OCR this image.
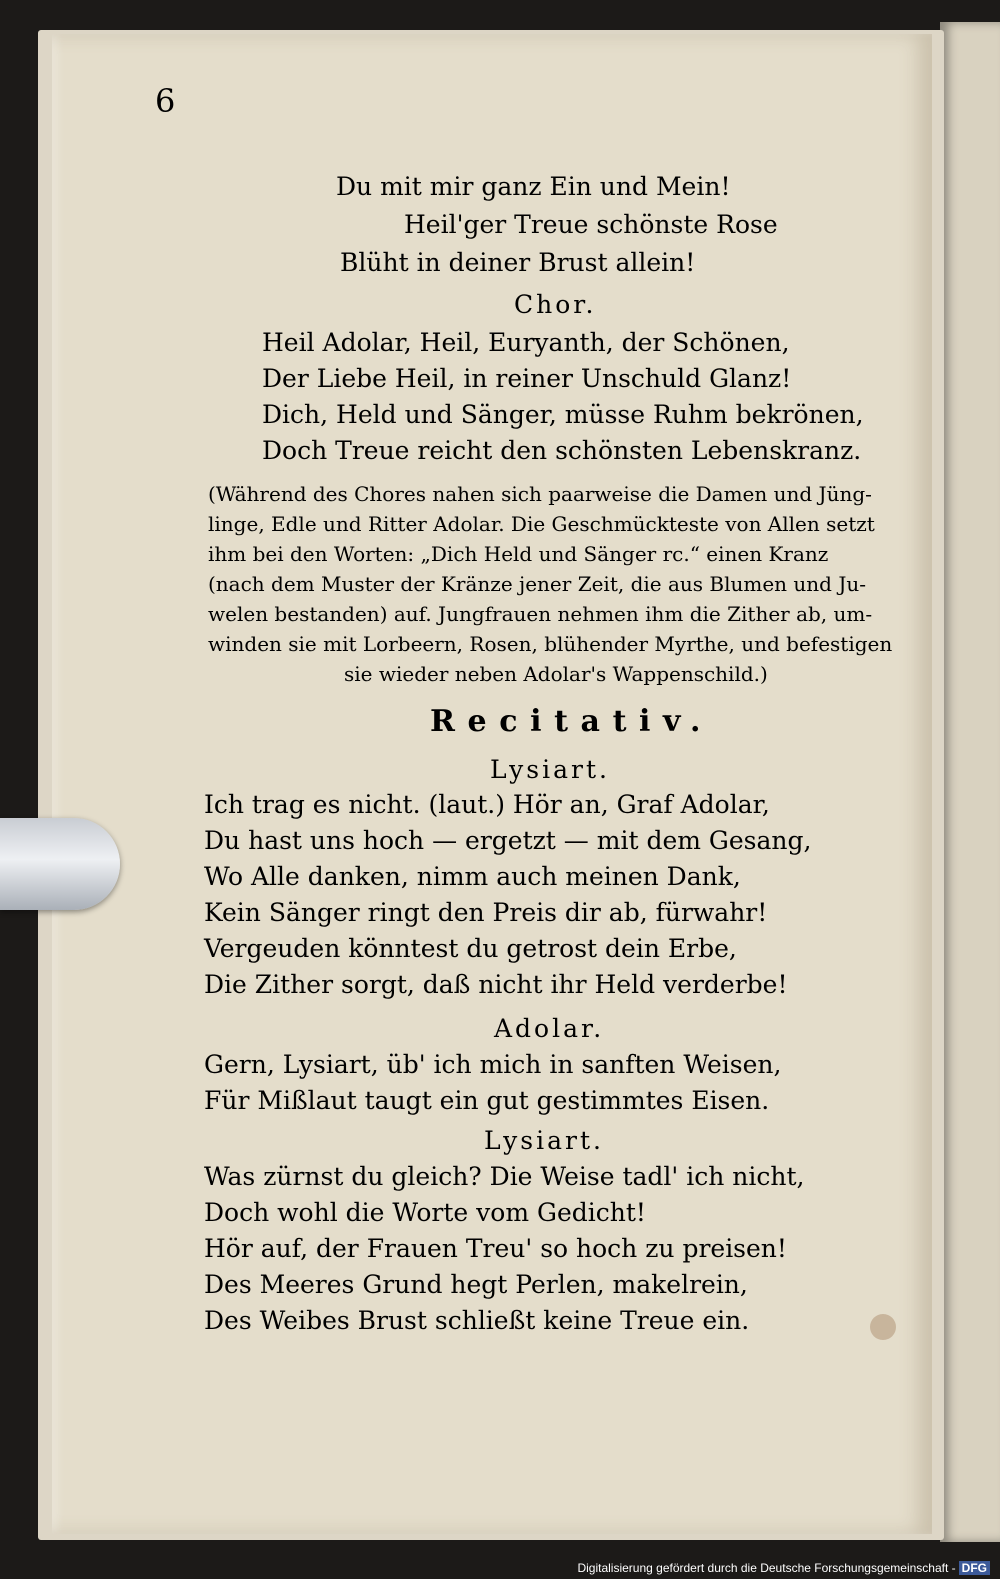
6
Du mit mir ganz Ein und Mein!
Heil'ger Treue schönste Rose
Blüht in deiner Brust allein!
Chor.
Heil Adolar, Heil, Euryanth, der Schönen,
Der Liebe Heil, in reiner Unschuld Glanz!
Dich, Held und Sänger, müsse Ruhm bekrönen,
Doch Treue reicht den schönsten Lebenskranz.
(Während des Chores nahen sich paarweise die Damen und Jüng-
linge, Edle und Ritter Adolar. Die Geschmückteste von Allen setzt
ihm bei den Worten: „Dich Held und Sänger rc.“ einen Kranz
(nach dem Muster der Kränze jener Zeit, die aus Blumen und Ju-
welen bestanden) auf. Jungfrauen nehmen ihm die Zither ab, um-
winden sie mit Lorbeern, Rosen, blühender Myrthe, und befestigen
sie wieder neben Adolar's Wappenschild.)
Recitativ.
Lysiart.
Ich trag es nicht. (laut.) Hör an, Graf Adolar,
Du hast uns hoch — ergetzt — mit dem Gesang,
Wo Alle danken, nimm auch meinen Dank,
Kein Sänger ringt den Preis dir ab, fürwahr!
Vergeuden könntest du getrost dein Erbe,
Die Zither sorgt, daß nicht ihr Held verderbe!
Adolar.
Gern, Lysiart, üb' ich mich in sanften Weisen,
Für Mißlaut taugt ein gut gestimmtes Eisen.
Lysiart.
Was zürnst du gleich? Die Weise tadl' ich nicht,
Doch wohl die Worte vom Gedicht!
Hör auf, der Frauen Treu' so hoch zu preisen!
Des Meeres Grund hegt Perlen, makelrein,
Des Weibes Brust schließt keine Treue ein.
Digitalisierung gefördert durch die Deutsche Forschungsgemeinschaft - DFG
